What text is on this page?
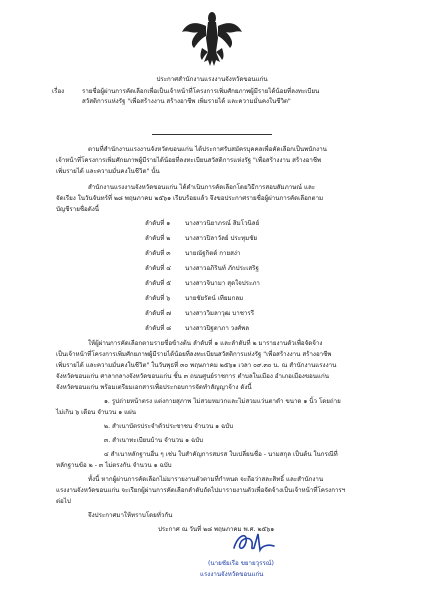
ประกาศสำนักงานแรงงานจังหวัดขอนแก่น
เรื่อง	รายชื่อผู้ผ่านการคัดเลือกเพื่อเป็นเจ้าหน้าที่โครงการเพิ่มศักยภาพผู้มีรายได้น้อยที่ลงทะเบียน
สวัสดิการแห่งรัฐ "เพื่อสร้างงาน สร้างอาชีพ เพิ่มรายได้ และความมั่นคงในชีวิต"
ตามที่สำนักงานแรงงานจังหวัดขอนแก่น ได้ประกาศรับสมัครบุคคลเพื่อคัดเลือกเป็นพนักงาน
เจ้าหน้าที่โครงการเพิ่มศักยภาพผู้มีรายได้น้อยที่ลงทะเบียนสวัสดิการแห่งรัฐ "เพื่อสร้างงาน สร้างอาชีพ
เพิ่มรายได้ และความมั่นคงในชีวิต" นั้น
สำนักงานแรงงานจังหวัดขอนแก่น ได้ดำเนินการคัดเลือกโดยวิธีการสอบสัมภาษณ์ และ
จัดเรียง ในวันจันทร์ที่ ๒๘ พฤษภาคม ๒๕๖๑ เรียบร้อยแล้ว จึงขอประกาศรายชื่อผู้ผ่านการคัดเลือกตาม
บัญชีรายชื่อดังนี้
ลำดับที่ ๑ นางสาวนิยาภรณ์ สิมโวนิลย์
ลำดับที่ ๒ นางสาวปิลาวัลย์ ประทุมชัย
ลำดับที่ ๓ นายณัฐกิตต์ กายสง่า
ลำดับที่ ๔ นางสาวอภิรินท์ ภักประเสริฐ
ลำดับที่ ๕ นางสาวจินามา สุดใจประภา
ลำดับที่ ๖ นายชัยรัตน์ เทียมกลม
ลำดับที่ ๗ นางสาววิมลาวุฒ บาชารรี
ลำดับที่ ๘ นางสาวปิฐดาภา วงศ์พล
ให้ผู้ผ่านการคัดเลือกตามรายชื่อข้างต้น ลำดับที่ ๑ และลำดับที่ ๒ มารายงานตัวเพื่อจัดจ้าง
เป็นเจ้าหน้าที่โครงการเพิ่มศักยภาพผู้มีรายได้น้อยที่ลงทะเบียนสวัสดิการแห่งรัฐ "เพื่อสร้างงาน สร้างอาชีพ
เพิ่มรายได้ และความมั่นคงในชีวิต" ในวันพุธที่ ๓๐ พฤษภาคม ๒๕๖๑ เวลา ๐๙.๓๐ น. ณ สำนักงานแรงงาน
จังหวัดขอนแก่น ศาลากลางจังหวัดขอนแก่น ชั้น ๓ ถนนศูนย์ราชการ ตำบลในเมือง อำเภอเมืองขอนแก่น
จังหวัดขอนแก่น พร้อมเตรียมเอกสารเพื่อประกอบการจัดทำสัญญาจ้าง ดังนี้
๑. รูปถ่ายหน้าตรง แต่งกายสุภาพ ไม่สวมหมวกและไม่สวมแว่นตาดำ ขนาด ๑ นิ้ว โดยถ่าย
ไม่เกิน ๖ เดือน จำนวน ๑ แผ่น
๒. สำเนาบัตรประจำตัวประชาชน จำนวน ๑ ฉบับ
๓. สำเนาทะเบียนบ้าน จำนวน ๑ ฉบับ
๔ สำเนาหลักฐานอื่น ๆ เช่น ใบสำคัญการสมรส ใบเปลี่ยนชื่อ - นามสกุล เป็นต้น ในกรณีที่
หลักฐานข้อ ๒ - ๓ ไม่ตรงกัน จำนวน ๑ ฉบับ
ทั้งนี้ หากผู้ผ่านการคัดเลือกไม่มารายงานตัวตามที่กำหนด จะถือว่าสละสิทธิ์ และสำนักงาน
แรงงานจังหวัดขอนแก่น จะเรียกผู้ผ่านการคัดเลือกลำดับถัดไปมารายงานตัวเพื่อจัดจ้างเป็นเจ้าหน้าที่โครงการฯ
ต่อไป
จึงประกาศมาให้ทราบโดยทั่วกัน
ประกาศ ณ วันที่ ๒๘ พฤษภาคม พ.ศ. ๒๕๖๑
(นายชัยเรือ ขยายวุรรณ์)
แรงงานจังหวัดขอนแก่น
